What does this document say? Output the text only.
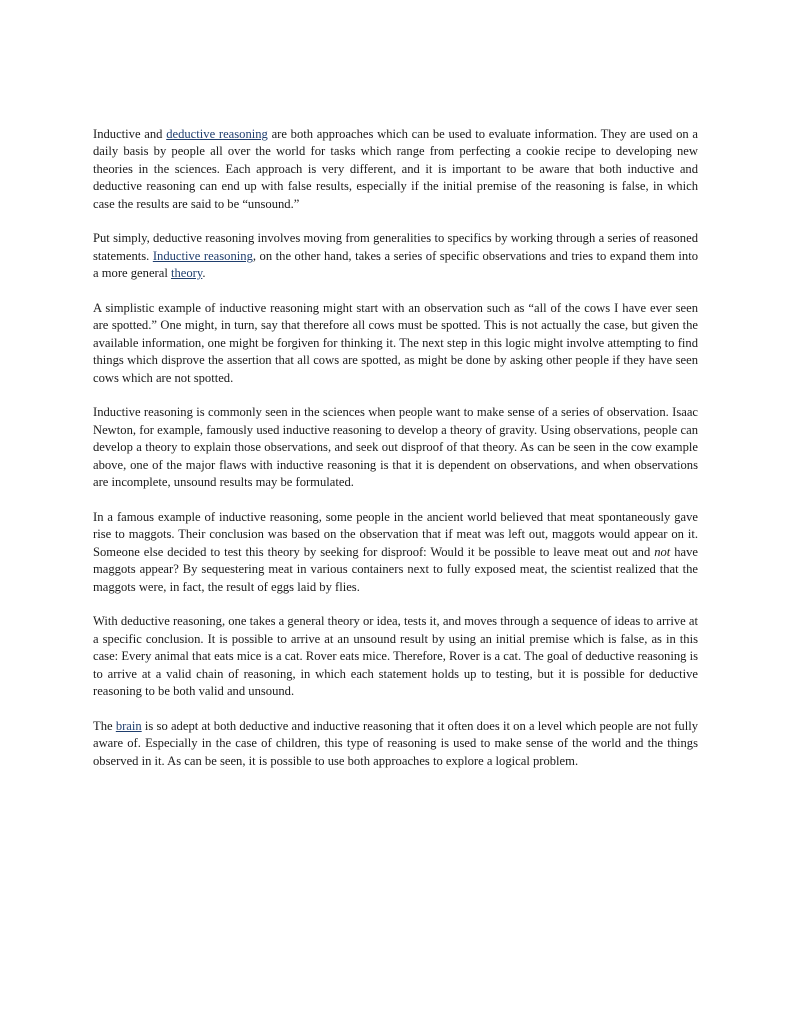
Inductive and deductive reasoning are both approaches which can be used to evaluate information. They are used on a daily basis by people all over the world for tasks which range from perfecting a cookie recipe to developing new theories in the sciences. Each approach is very different, and it is important to be aware that both inductive and deductive reasoning can end up with false results, especially if the initial premise of the reasoning is false, in which case the results are said to be “unsound.”

Put simply, deductive reasoning involves moving from generalities to specifics by working through a series of reasoned statements. Inductive reasoning, on the other hand, takes a series of specific observations and tries to expand them into a more general theory.

A simplistic example of inductive reasoning might start with an observation such as “all of the cows I have ever seen are spotted.” One might, in turn, say that therefore all cows must be spotted. This is not actually the case, but given the available information, one might be forgiven for thinking it. The next step in this logic might involve attempting to find things which disprove the assertion that all cows are spotted, as might be done by asking other people if they have seen cows which are not spotted.

Inductive reasoning is commonly seen in the sciences when people want to make sense of a series of observation. Isaac Newton, for example, famously used inductive reasoning to develop a theory of gravity. Using observations, people can develop a theory to explain those observations, and seek out disproof of that theory. As can be seen in the cow example above, one of the major flaws with inductive reasoning is that it is dependent on observations, and when observations are incomplete, unsound results may be formulated.

In a famous example of inductive reasoning, some people in the ancient world believed that meat spontaneously gave rise to maggots. Their conclusion was based on the observation that if meat was left out, maggots would appear on it. Someone else decided to test this theory by seeking for disproof: Would it be possible to leave meat out and not have maggots appear? By sequestering meat in various containers next to fully exposed meat, the scientist realized that the maggots were, in fact, the result of eggs laid by flies.

With deductive reasoning, one takes a general theory or idea, tests it, and moves through a sequence of ideas to arrive at a specific conclusion. It is possible to arrive at an unsound result by using an initial premise which is false, as in this case: Every animal that eats mice is a cat. Rover eats mice. Therefore, Rover is a cat. The goal of deductive reasoning is to arrive at a valid chain of reasoning, in which each statement holds up to testing, but it is possible for deductive reasoning to be both valid and unsound.

The brain is so adept at both deductive and inductive reasoning that it often does it on a level which people are not fully aware of. Especially in the case of children, this type of reasoning is used to make sense of the world and the things observed in it. As can be seen, it is possible to use both approaches to explore a logical problem.
